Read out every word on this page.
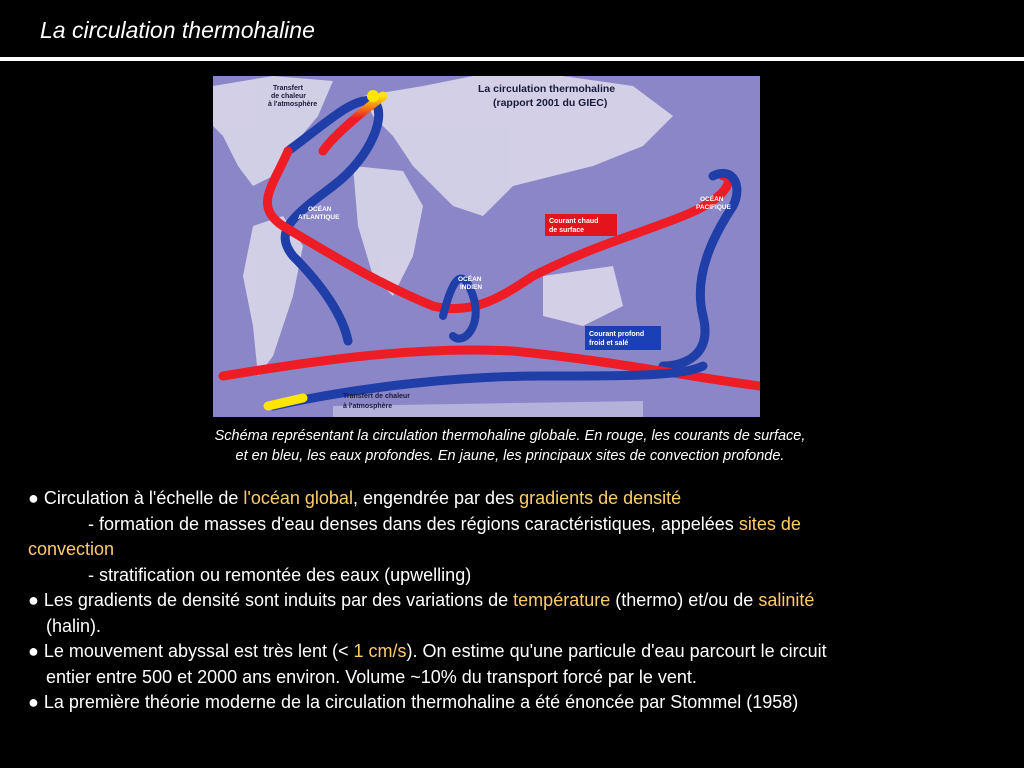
La circulation thermohaline
La circulation thermohaline
(rapport 2001 du GIEC)
Transfert
de chaleur
à l'atmosphère
OCÉAN
ATLANTIQUE
OCÉAN
INDIEN
OCÉAN
PACIFIQUE
Courant chaud
de surface
Courant profond
froid et salé
Transfert de chaleur
à l'atmosphère
Schéma représentant la circulation thermohaline globale. En rouge, les courants de surface,
et en bleu, les eaux profondes. En jaune, les principaux sites de convection profonde.
● Circulation à l'échelle de l'océan global, engendrée par des gradients de densité
- formation de masses d'eau denses dans des régions caractéristiques, appelées sites de
convection
- stratification ou remontée des eaux (upwelling)
● Les gradients de densité sont induits par des variations de température (thermo) et/ou de salinité
(halin).
● Le mouvement abyssal est très lent (< 1 cm/s). On estime qu'une particule d'eau parcourt le circuit
entier entre 500 et 2000 ans environ. Volume ~10% du transport forcé par le vent.
● La première théorie moderne de la circulation thermohaline a été énoncée par Stommel (1958)
